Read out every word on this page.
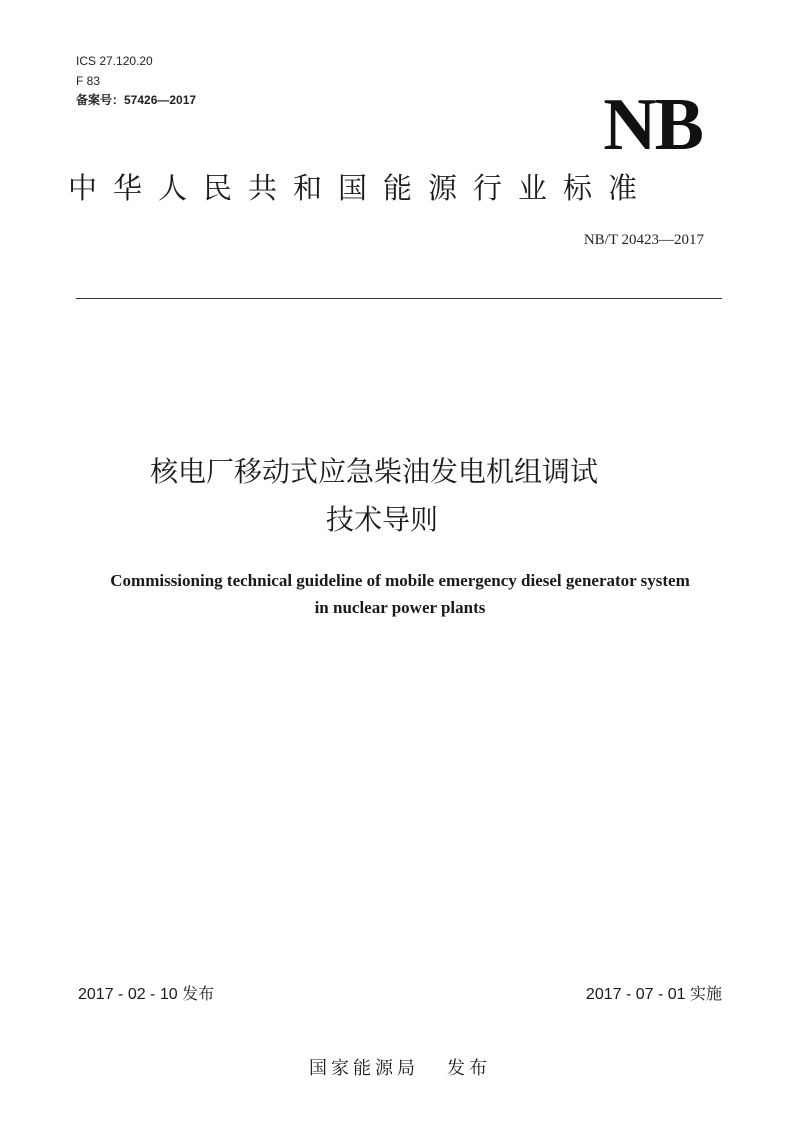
ICS 27.120.20
F 83
备案号：57426—2017	NB
中华人民共和国能源行业标准
NB/T 20423—2017
核电厂移动式应急柴油发电机组调试
技术导则
Commissioning technical guideline of mobile emergency diesel generator system
in nuclear power plants
2017 - 02 - 10 发布	2017 - 07 - 01 实施
国家能源局 发布
